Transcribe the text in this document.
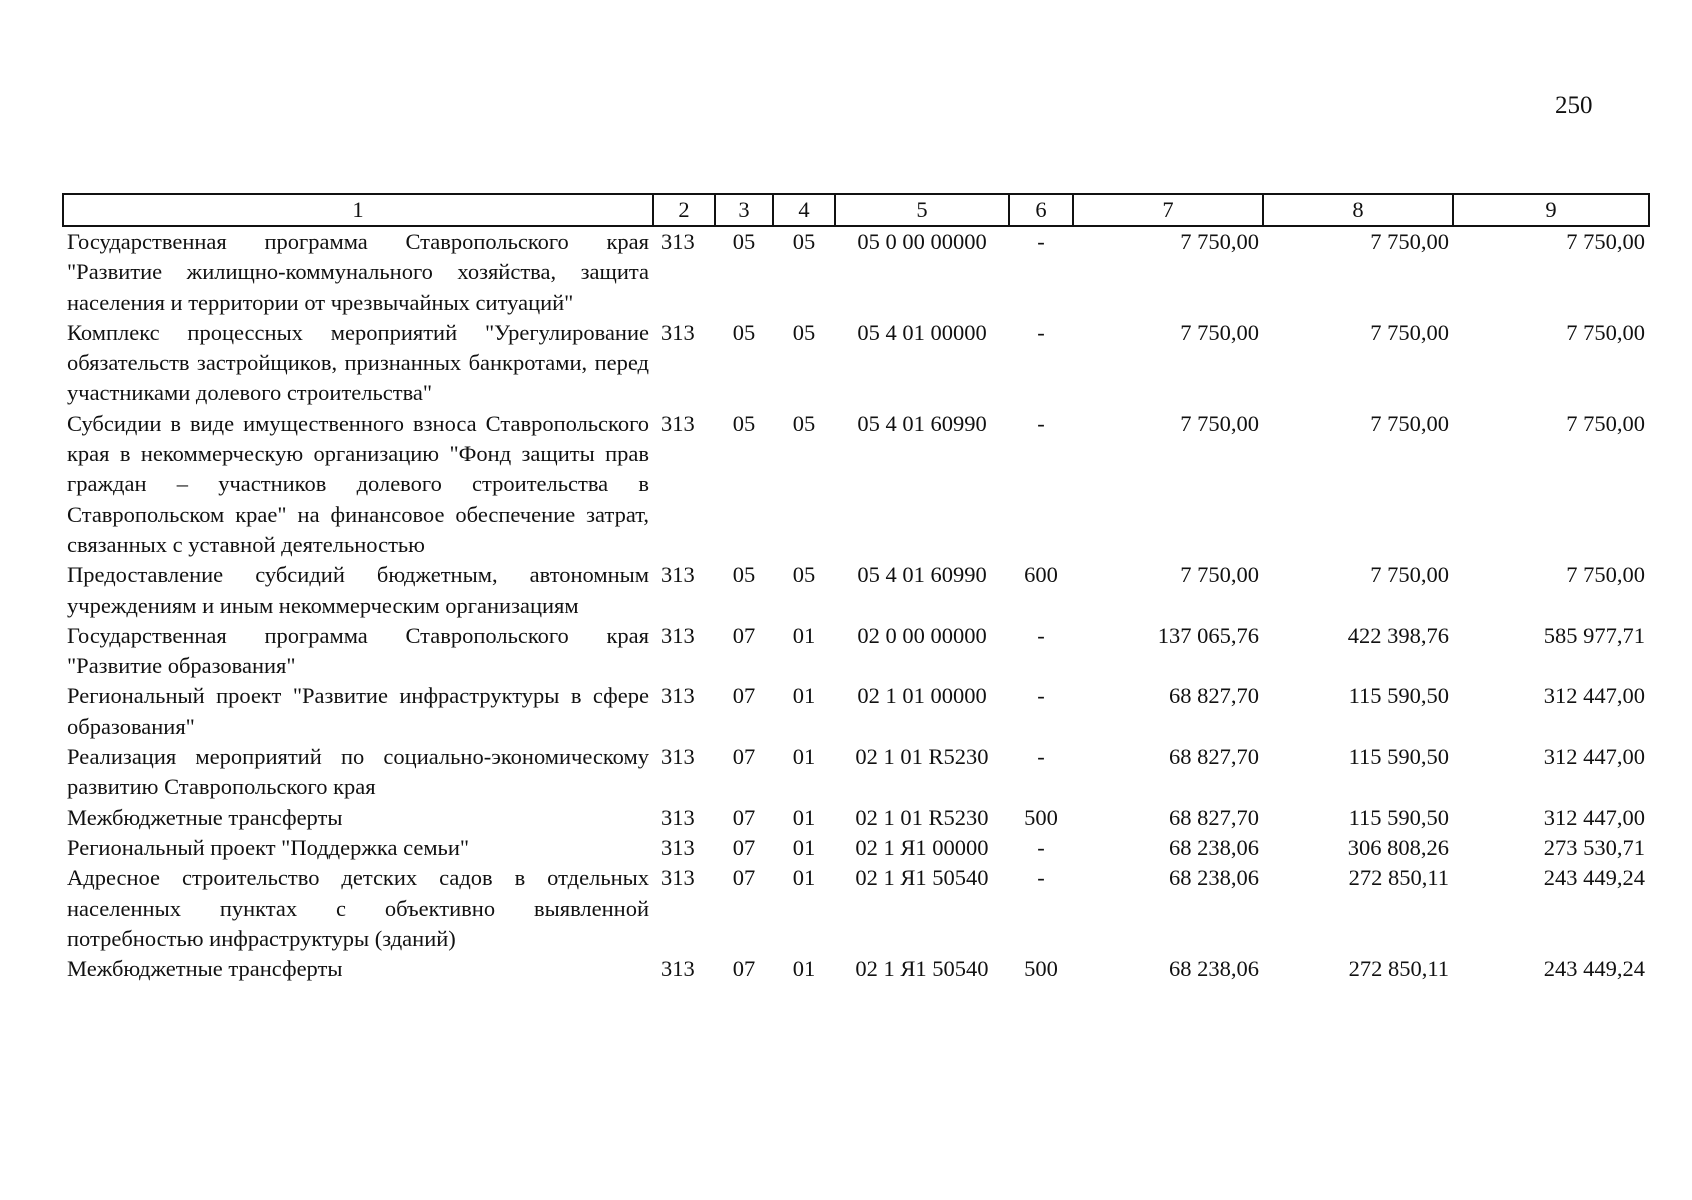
250
1	2	3	4	5	6	7	8	9
Государственная программа Ставропольского края "Развитие жилищно-коммунального хозяйства, защита населения и территории от чрезвычайных ситуаций"	313	05	05	05 0 00 00000	-	7 750,00	7 750,00	7 750,00
Комплекс процессных мероприятий "Урегулирование обязательств застройщиков, признанных банкротами, перед участниками долевого строительства"	313	05	05	05 4 01 00000	-	7 750,00	7 750,00	7 750,00
Субсидии в виде имущественного взноса Ставропольского края в некоммерческую организацию "Фонд защиты прав граждан – участников долевого строительства в Ставропольском крае" на финансовое обеспечение затрат, связанных с уставной деятельностью	313	05	05	05 4 01 60990	-	7 750,00	7 750,00	7 750,00
Предоставление субсидий бюджетным, автономным учреждениям и иным некоммерческим организациям	313	05	05	05 4 01 60990	600	7 750,00	7 750,00	7 750,00
Государственная программа Ставропольского края "Развитие образования"	313	07	01	02 0 00 00000	-	137 065,76	422 398,76	585 977,71
Региональный проект "Развитие инфраструктуры в сфере образования"	313	07	01	02 1 01 00000	-	68 827,70	115 590,50	312 447,00
Реализация мероприятий по социально-экономическому развитию Ставропольского края	313	07	01	02 1 01 R5230	-	68 827,70	115 590,50	312 447,00
Межбюджетные трансферты	313	07	01	02 1 01 R5230	500	68 827,70	115 590,50	312 447,00
Региональный проект "Поддержка семьи"	313	07	01	02 1 Я1 00000	-	68 238,06	306 808,26	273 530,71
Адресное строительство детских садов в отдельных населенных пунктах с объективно выявленной потребностью инфраструктуры (зданий)	313	07	01	02 1 Я1 50540	-	68 238,06	272 850,11	243 449,24
Межбюджетные трансферты	313	07	01	02 1 Я1 50540	500	68 238,06	272 850,11	243 449,24
